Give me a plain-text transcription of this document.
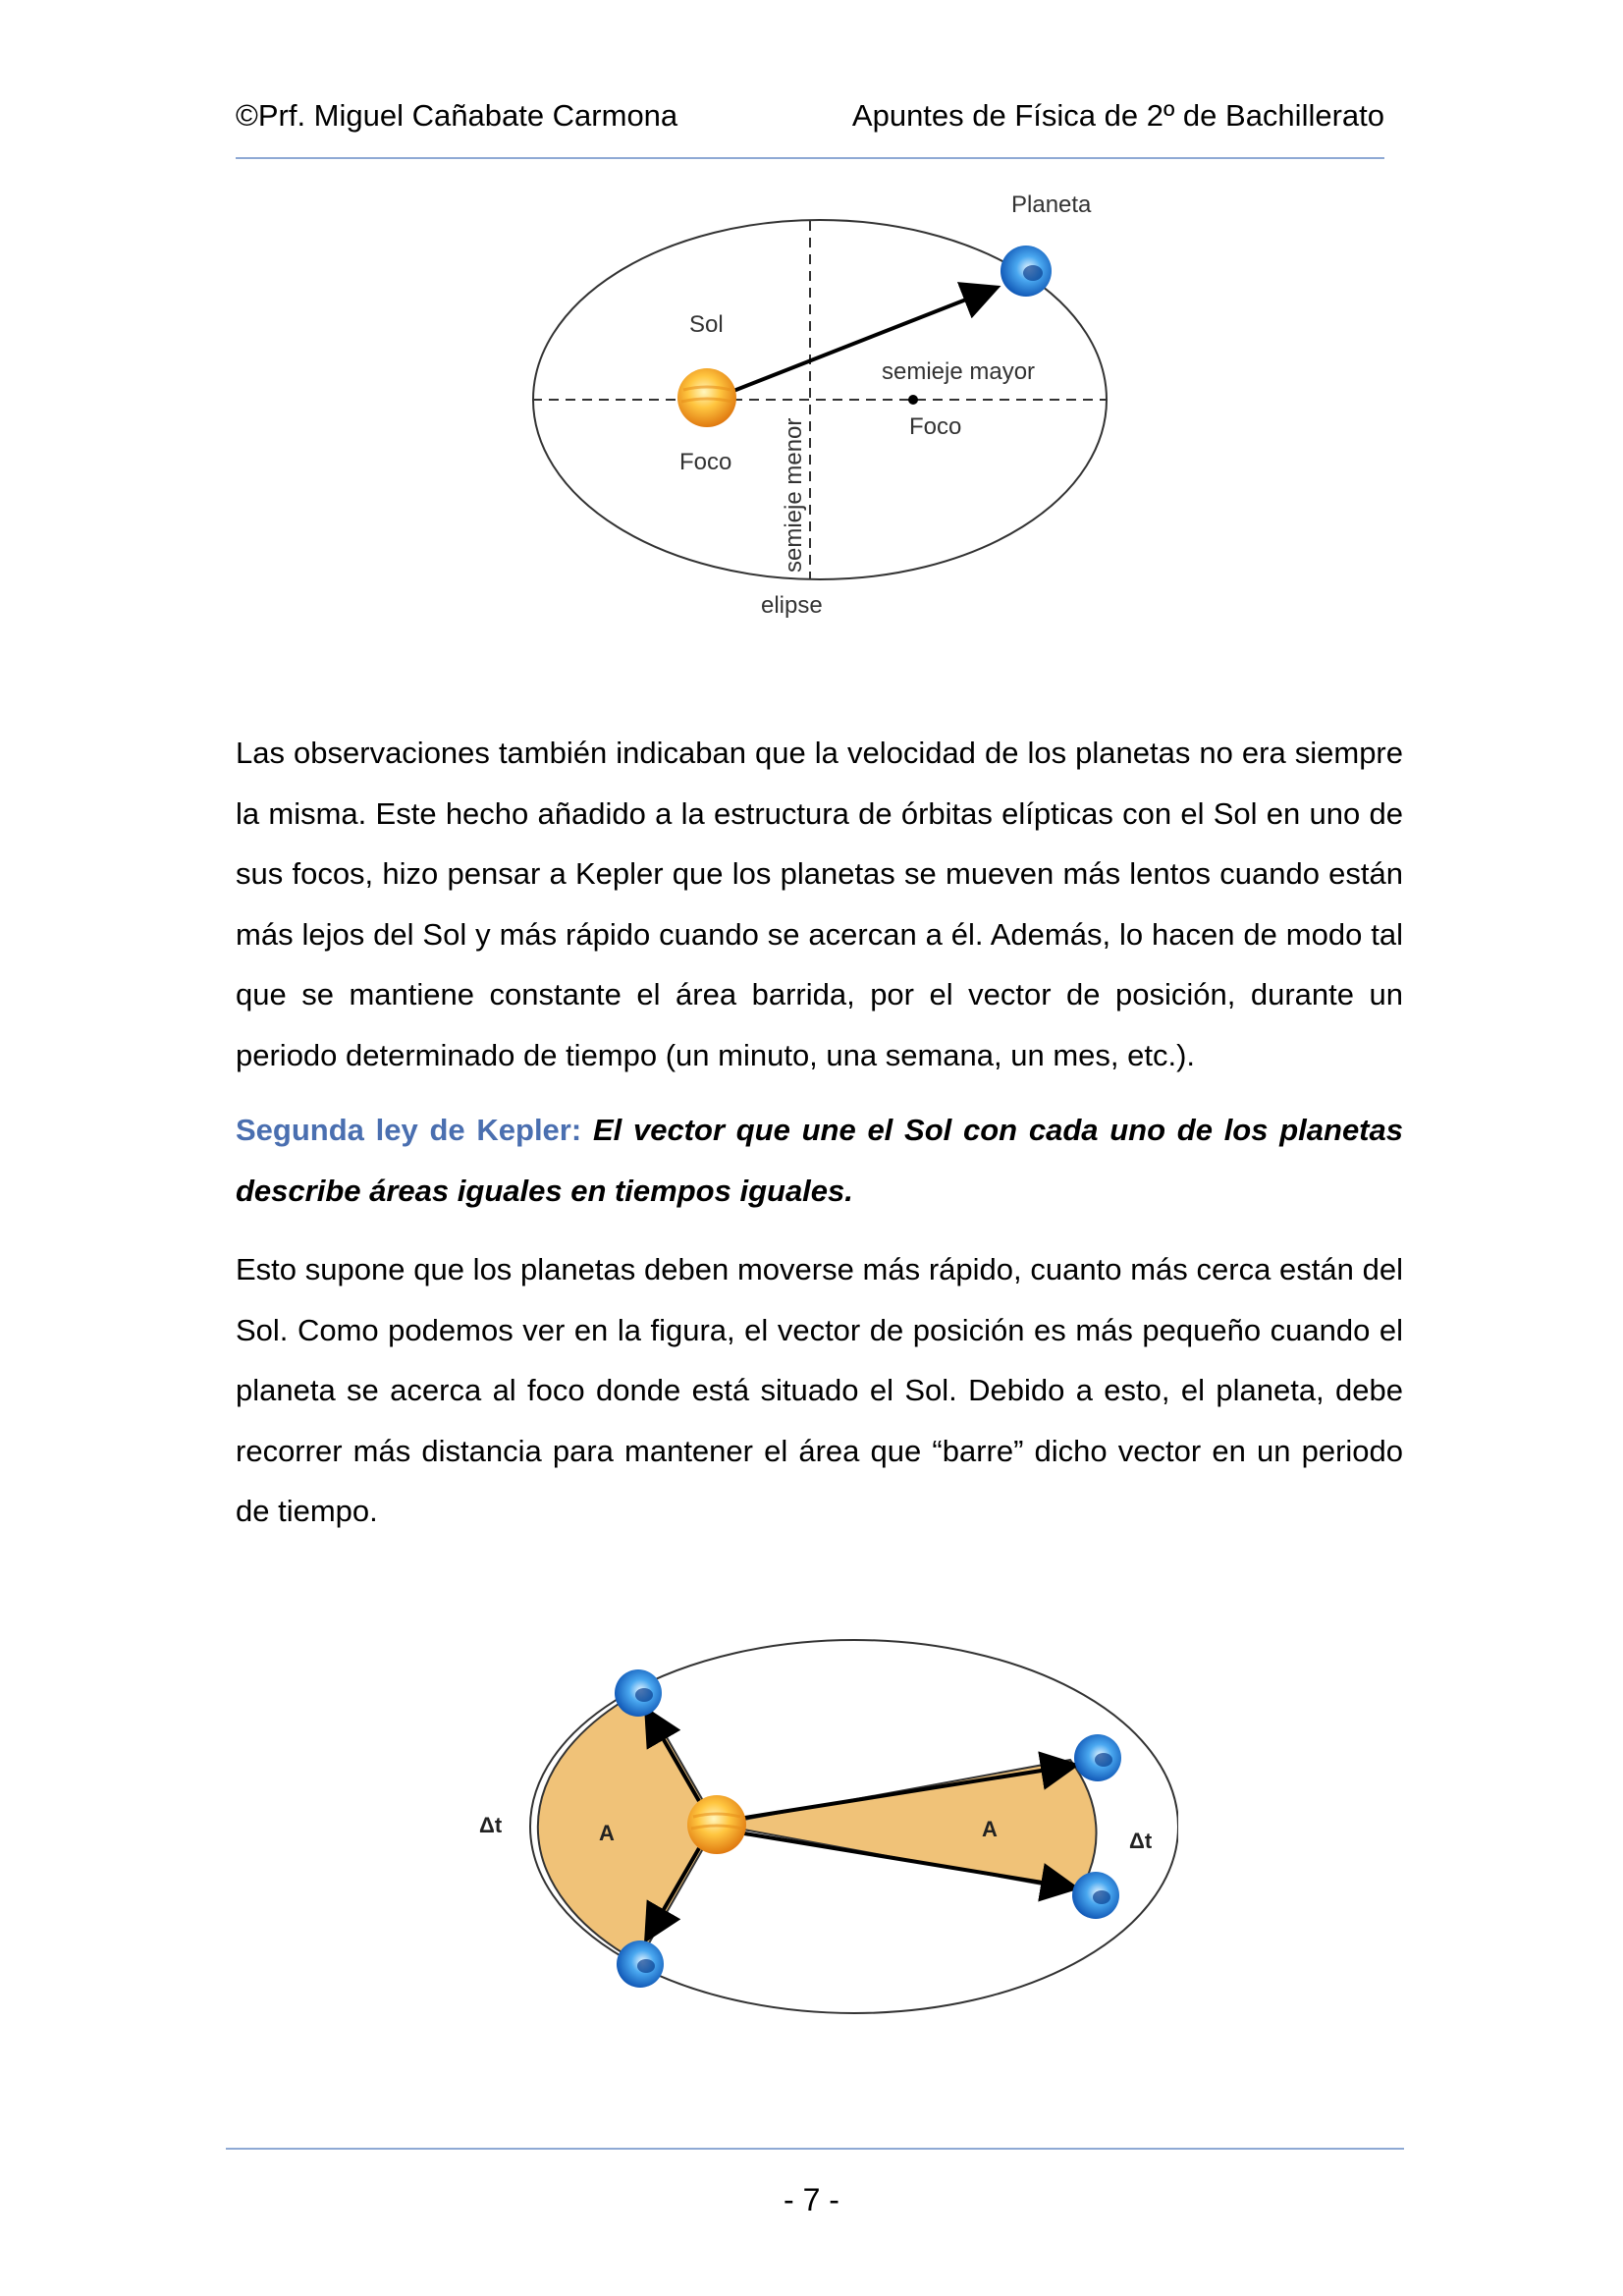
©Prf. Miguel Cañabate Carmona	Apuntes de Física de 2º de Bachillerato
Planeta
Sol
Foco
semieje mayor
Foco
semieje menor
elipse

Las observaciones también indicaban que la velocidad de los planetas no era siempre la misma. Este hecho añadido a la estructura de órbitas elípticas con el Sol en uno de sus focos, hizo pensar a Kepler que los planetas se mueven más lentos cuando están más lejos del Sol y más rápido cuando se acercan a él. Además, lo hacen de modo tal que se mantiene constante el área barrida, por el vector de posición, durante un periodo determinado de tiempo (un minuto, una semana, un mes, etc.).

Segunda ley de Kepler: El vector que une el Sol con cada uno de los planetas describe áreas iguales en tiempos iguales.

Esto supone que los planetas deben moverse más rápido, cuanto más cerca están del Sol. Como podemos ver en la figura, el vector de posición es más pequeño cuando el planeta se acerca al foco donde está situado el Sol. Debido a esto, el planeta, debe recorrer más distancia para mantener el área que “barre” dicho vector en un periodo de tiempo.

Δt	A	A	Δt
- 7 -
